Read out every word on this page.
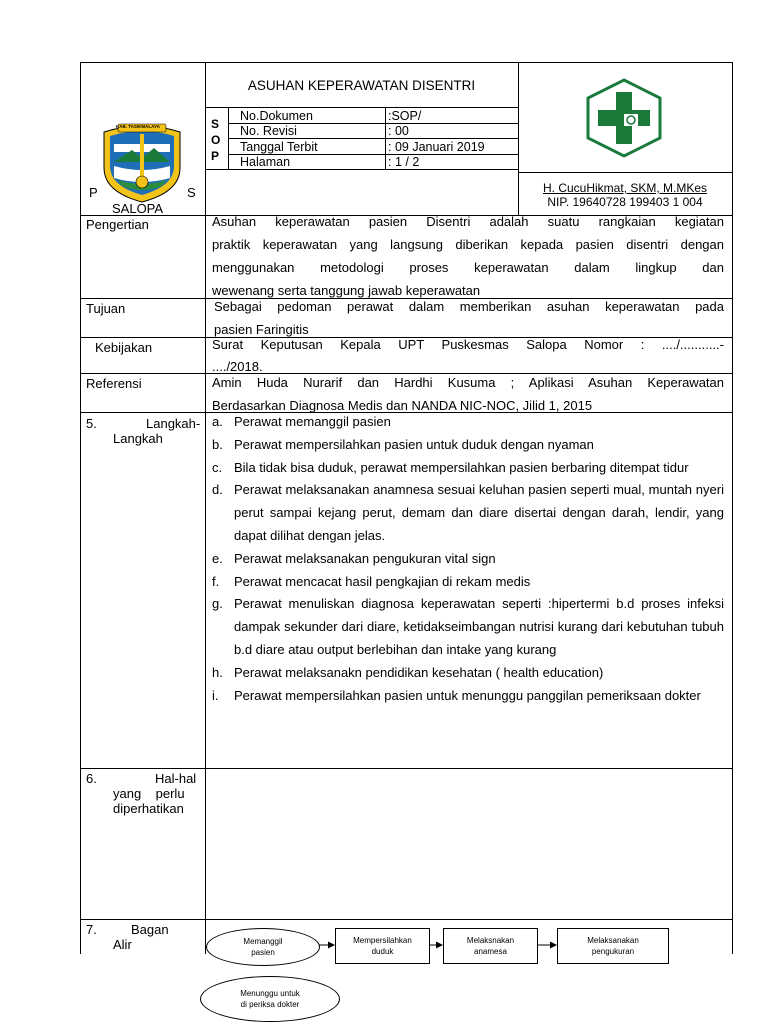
ASUHAN KEPERAWATAN DISENTRI
S
O
P
No.Dokumen	:SOP/
No. Revisi	: 00
Tanggal Terbit	: 09 Januari 2019
Halaman	: 1 / 2
P	S
SALOPA
KAB. TASIKMALAYA
H. CucuHikmat, SKM, M.MKes
NIP. 19640728 199403 1 004
Pengertian	Asuhan keperawatan pasien Disentri adalah suatu rangkaian kegiatan
praktik keperawatan yang langsung diberikan kepada pasien disentri dengan
menggunakan metodologi proses keperawatan dalam lingkup dan
wewenang serta tanggung jawab keperawatan
Tujuan	Sebagai pedoman perawat dalam memberikan asuhan keperawatan pada
pasien Faringitis
Kebijakan	Surat Keputusan Kepala UPT Puskesmas Salopa Nomor : ..../...........-
..../2018.
Referensi	Amin Huda Nurarif dan Hardhi Kusuma ; Aplikasi Asuhan Keperawatan
Berdasarkan Diagnosa Medis dan NANDA NIC-NOC, Jilid 1, 2015
5.	Langkah-
Langkah
a. Perawat memanggil pasien
b. Perawat mempersilahkan pasien untuk duduk dengan nyaman
c. Bila tidak bisa duduk, perawat mempersilahkan pasien berbaring ditempat tidur
d. Perawat melaksanakan anamnesa sesuai keluhan pasien seperti mual, muntah nyeri perut sampai kejang perut, demam dan diare disertai dengan darah, lendir, yang dapat dilihat dengan jelas.
e. Perawat melaksanakan pengukuran vital sign
f. Perawat mencacat hasil pengkajian di rekam medis
g. Perawat menuliskan diagnosa keperawatan seperti :hipertermi b.d proses infeksi dampak sekunder dari diare, ketidakseimbangan nutrisi kurang dari kebutuhan tubuh b.d diare atau output berlebihan dan intake yang kurang
h. Perawat melaksanakn pendidikan kesehatan ( health education)
i. Perawat mempersilahkan pasien untuk menunggu panggilan pemeriksaan dokter
6.	Hal-hal
yang    perlu
diperhatikan
7.	Bagan
Alir	Memanggil
pasien
Mempersilahkan
duduk
Melaksnakan
anamesa
Melaksanakan
pengukuran
Menunggu untuk
di periksa dokter
